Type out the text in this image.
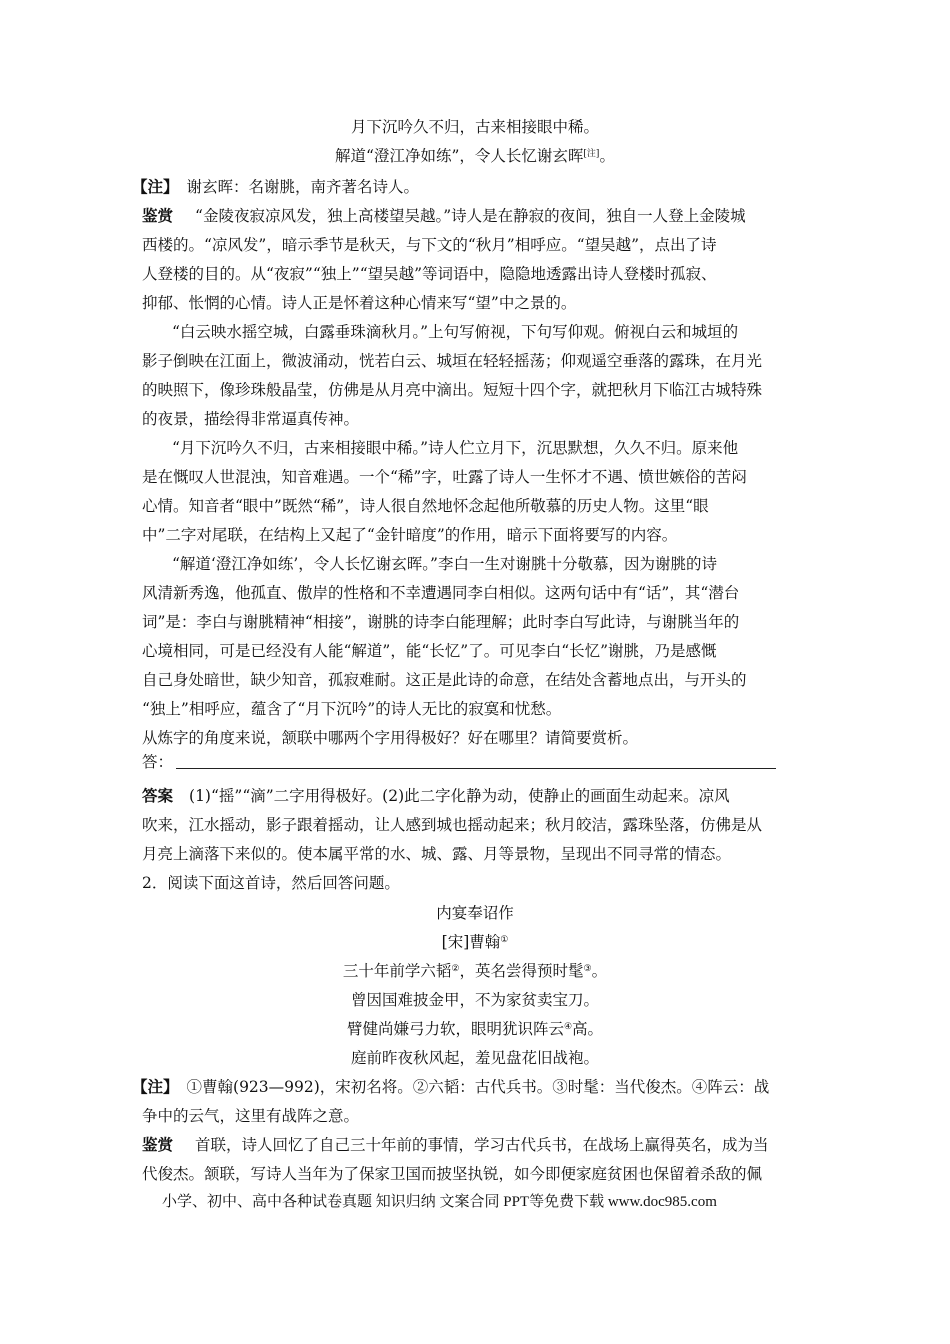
月下沉吟久不归，古来相接眼中稀。
解道“澄江净如练”，令人长忆谢玄晖[注]。
【注】 谢玄晖：名谢朓，南齐著名诗人。
鉴赏 “金陵夜寂凉风发，独上高楼望吴越。”诗人是在静寂的夜间，独自一人登上金陵城
西楼的。“凉风发”，暗示季节是秋天，与下文的“秋月”相呼应。“望吴越”，点出了诗
人登楼的目的。从“夜寂”“独上”“望吴越”等词语中，隐隐地透露出诗人登楼时孤寂、
抑郁、怅惘的心情。诗人正是怀着这种心情来写“望”中之景的。
“白云映水摇空城，白露垂珠滴秋月。”上句写俯视，下句写仰观。俯视白云和城垣的
影子倒映在江面上，微波涌动，恍若白云、城垣在轻轻摇荡；仰观遥空垂落的露珠，在月光
的映照下，像珍珠般晶莹，仿佛是从月亮中滴出。短短十四个字，就把秋月下临江古城特殊
的夜景，描绘得非常逼真传神。
“月下沉吟久不归，古来相接眼中稀。”诗人伫立月下，沉思默想，久久不归。原来他
是在慨叹人世混浊，知音难遇。一个“稀”字，吐露了诗人一生怀才不遇、愤世嫉俗的苦闷
心情。知音者“眼中”既然“稀”，诗人很自然地怀念起他所敬慕的历史人物。这里“眼
中”二字对尾联，在结构上又起了“金针暗度”的作用，暗示下面将要写的内容。
“解道‘澄江净如练’，令人长忆谢玄晖。”李白一生对谢朓十分敬慕，因为谢朓的诗
风清新秀逸，他孤直、傲岸的性格和不幸遭遇同李白相似。这两句话中有“话”，其“潜台
词”是：李白与谢朓精神“相接”，谢朓的诗李白能理解；此时李白写此诗，与谢朓当年的
心境相同，可是已经没有人能“解道”，能“长忆”了。可见李白“长忆”谢朓，乃是感慨
自己身处暗世，缺少知音，孤寂难耐。这正是此诗的命意，在结处含蓄地点出，与开头的
“独上”相呼应，蕴含了“月下沉吟”的诗人无比的寂寞和忧愁。
从炼字的角度来说，颔联中哪两个字用得极好？好在哪里？请简要赏析。
答：
答案 (1)“摇”“滴”二字用得极好。(2)此二字化静为动，使静止的画面生动起来。凉风
吹来，江水摇动，影子跟着摇动，让人感到城也摇动起来；秋月皎洁，露珠坠落，仿佛是从
月亮上滴落下来似的。使本属平常的水、城、露、月等景物，呈现出不同寻常的情态。
2．阅读下面这首诗，然后回答问题。
内宴奉诏作
[宋]曹翰①
三十年前学六韬②，英名尝得预时髦③。
曾因国难披金甲，不为家贫卖宝刀。
臂健尚嫌弓力软，眼明犹识阵云④高。
庭前昨夜秋风起，羞见盘花旧战袍。
【注】 ①曹翰(923—992)，宋初名将。②六韬：古代兵书。③时髦：当代俊杰。④阵云：战
争中的云气，这里有战阵之意。
鉴赏 首联，诗人回忆了自己三十年前的事情，学习古代兵书，在战场上赢得英名，成为当
代俊杰。颔联，写诗人当年为了保家卫国而披坚执锐，如今即便家庭贫困也保留着杀敌的佩
小学、初中、高中各种试卷真题 知识归纳 文案合同 PPT等免费下载 www.doc985.com
